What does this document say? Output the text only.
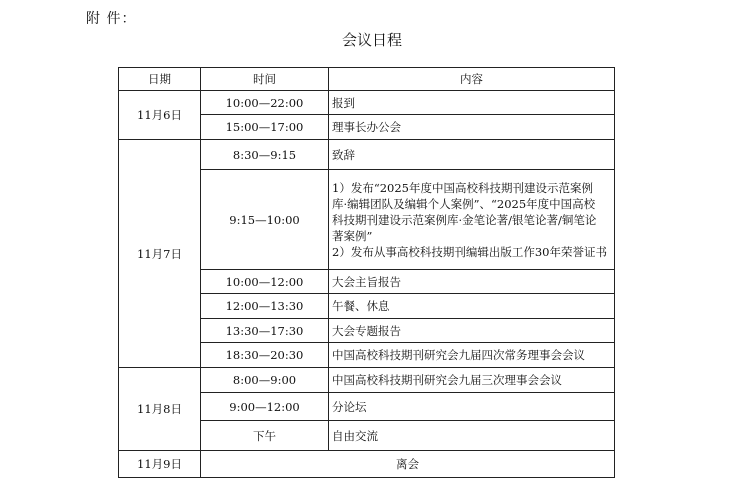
附 件：
会议日程
日期	时间	内容
11月6日	10:00—22:00	报到
	15:00—17:00	理事长办公会
11月7日	8:30—9:15	致辞
	9:15—10:00	1）发布“2025年度中国高校科技期刊建设示范案例
库·编辑团队及编辑个人案例”、“2025年度中国高校
科技期刊建设示范案例库·金笔论著/银笔论著/铜笔论
著案例”
2）发布从事高校科技期刊编辑出版工作30年荣誉证书

	10:00—12:00	大会主旨报告
	12:00—13:30	午餐、休息
	13:30—17:30	大会专题报告
	18:30—20:30	中国高校科技期刊研究会九届四次常务理事会会议
11月8日	8:00—9:00	中国高校科技期刊研究会九届三次理事会会议
	9:00—12:00	分论坛
	下午	自由交流
11月9日	离会	
